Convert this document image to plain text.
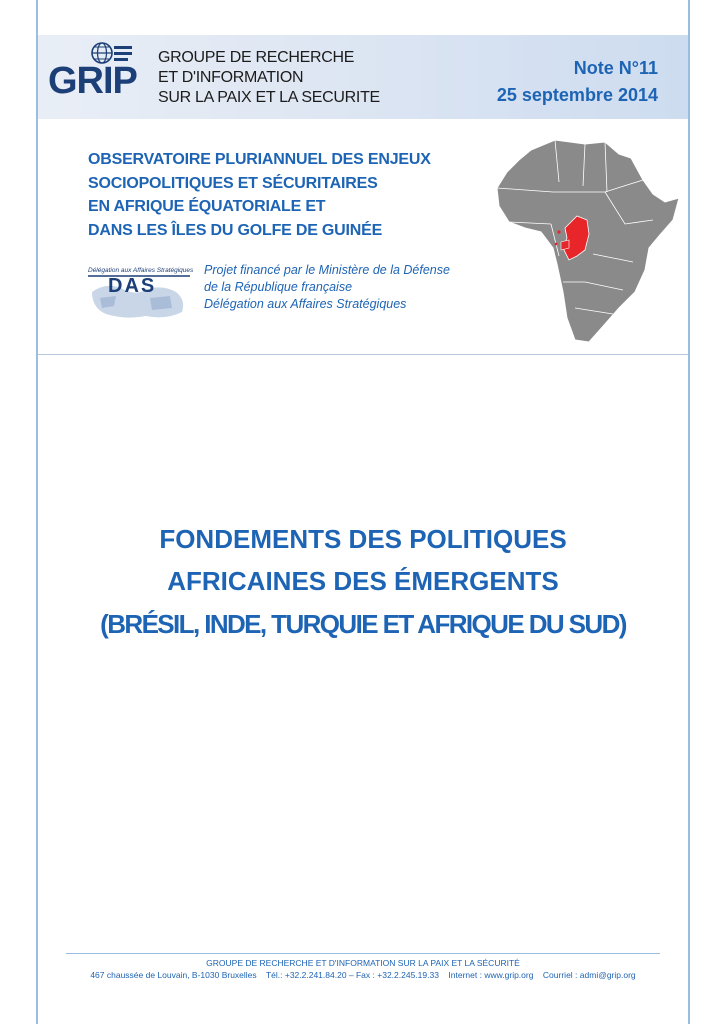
GRIP
GROUPE DE RECHERCHE
ET D'INFORMATION
SUR LA PAIX ET LA SECURITE
Note N°11
25 septembre 2014
OBSERVATOIRE PLURIANNUEL DES ENJEUX
SOCIOPOLITIQUES ET SÉCURITAIRES
EN AFRIQUE ÉQUATORIALE ET
DANS LES ÎLES DU GOLFE DE GUINÉE
Délégation aux Affaires Stratégiques
DAS
Projet financé par le Ministère de la Défense
de la République française
Délégation aux Affaires Stratégiques
FONDEMENTS DES POLITIQUES
AFRICAINES DES ÉMERGENTS
(BRÉSIL, INDE, TURQUIE ET AFRIQUE DU SUD)
GROUPE DE RECHERCHE ET D'INFORMATION SUR LA PAIX ET LA SÉCURITÉ
467 chaussée de Louvain, B-1030 Bruxelles Tél.: +32.2.241.84.20 – Fax : +32.2.245.19.33 Internet : www.grip.org Courriel : admi@grip.org
